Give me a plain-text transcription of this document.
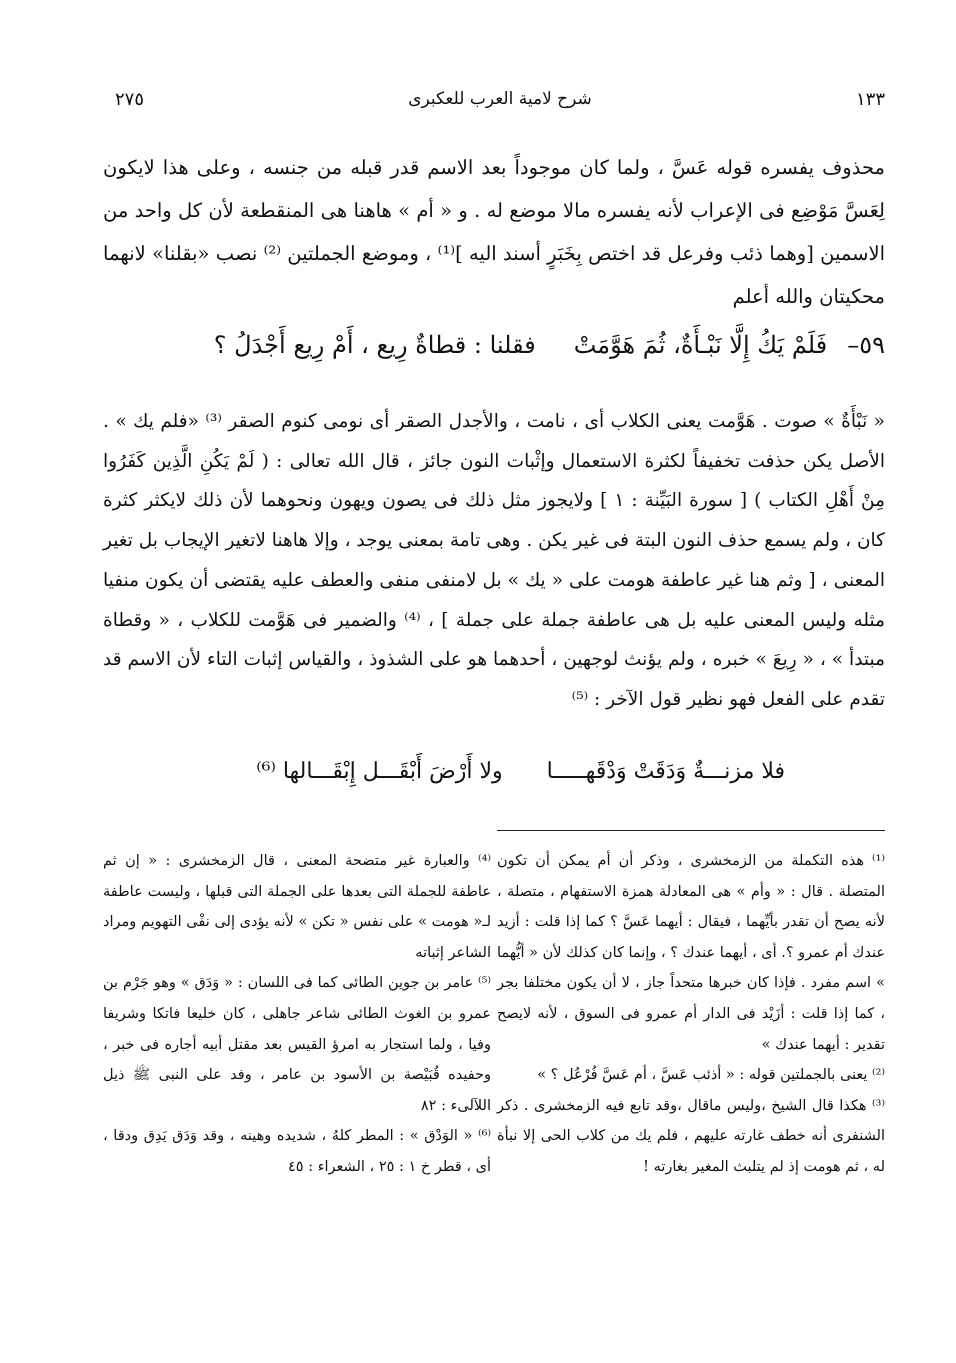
١٣٣
شرح لامية العرب للعكبرى
٢٧٥

محذوف يفسره قوله عَسَّ ، ولما كان موجوداً بعد الاسم قدر قبله من جنسه ، وعلى هذا لايكون لِعَسَّ مَوْضِع فى الإعراب لأنه يفسره مالا موضع له . و « أم » هاهنا هى المنقطعة لأن كل واحد من الاسمين [وهما ذئب وفرعل قد اختص بِخَبَرٍ أسند اليه ]⁽¹⁾ ، وموضع الجملتين ⁽²⁾ نصب «بقلنا» لانهما محكيتان والله أعلم

٥٩–
فَلَمْ يَكُ إِلَّا نَبْـأَةٌ، ثُمَ هَوَّمَتْ
فقلنا : قطاةٌ رِيع ، أَمْ رِيع أَجْدَلُ ؟

« نَبْأَةٌ » صوت . هَوَّمت يعنى الكلاب أى ، نامت ، والأجدل الصقر أى نومى كنوم الصقر ⁽³⁾ «فلم يك » . الأصل يكن حذفت تخفيفاً لكثرة الاستعمال وإثْبات النون جائز ، قال الله تعالى : ( لَمْ يَكُنِ الَّذِين كَفَرُوا مِنْ أَهْلِ الكتاب ) [ سورة البَيِّنة : ١ ] ولايجوز مثل ذلك فى يصون ويهون ونحوهما لأن ذلك لايكثر كثرة كان ، ولم يسمع حذف النون البتة فى غير يكن . وهى تامة بمعنى يوجد ، وإلا هاهنا لاتغير الإيجاب بل تغير المعنى ، [ وثم هنا غير عاطفة هومت على « يك » بل لامنفى منفى والعطف عليه يقتضى أن يكون منفيا مثله وليس المعنى عليه بل هى عاطفة جملة على جملة ] ، ⁽⁴⁾ والضمير فى هَوَّمت للكلاب ، « وقطاة مبتدأ » ، « رِيعَ » خبره ، ولم يؤنث لوجهين ، أحدهما هو على الشذوذ ، والقياس إثبات التاء لأن الاسم قد تقدم على الفعل فهو نظير قول الآخر : ⁽⁵⁾

فلا مزنـــةٌ وَدَقَتْ وَدْقَهـــــا
ولا أَرْضَ أَبْقَـــل إِبْقَـــالها ⁽⁶⁾

⁽¹⁾ هذه التكملة من الزمخشرى ، وذكر أن أم يمكن أن تكون المتصلة . قال : « وأم » هى المعادلة همزة الاستفهام ، متصلة ، لأنه يصح أن تقدر بأيِّهما ، فيقال : أيهما عَسَّ ؟ كما إذا قلت : أزيد عندك أم عمرو ؟. أى ، أيهما عندك ؟ ، وإنما كان كذلك لأن « أيُّهما » اسم مفرد . فإذا كان خبرها متحداً جاز ، لا أن يكون مختلفا بجر ، كما إذا قلت : أزَيْد فى الدار أم عمرو فى السوق ، لأنه لايصح تقدير : أيهما عندك »

⁽²⁾ يعنى بالجملتين قوله : « أذئب عَسَّ ، أم عَسَّ فُرْعُل ؟ »

⁽³⁾ هكذا قال الشيخ ،وليس ماقال ،وقد تابع فيه الزمخشرى . ذكر الشنفرى أنه خطف غارته عليهم ، فلم يك من كلاب الحى إلا نبأة له ، ثم هومت إذ لم يتلبث المغير بغارته !

⁽⁴⁾ والعبارة غير متضحة المعنى ، قال الزمخشرى : « إن ثم عاطفة للجملة التى بعدها على الجملة التى قبلها ، وليست عاطفة لـ« هومت » على نفس « تكن » لأنه يؤدى إلى نفْى التهويم ومراد الشاعر إثباته

⁽⁵⁾ عامر بن جوين الطائى كما فى اللسان : « وَدَق » وهو جَرْم بن عمرو بن الغوث الطائى شاعر جاهلى ، كان خليعا فاتكا وشريفا وفيا ، ولما استجار به امرؤ القيس بعد مقتل أبيه أجاره فى خبر ، وحفيده قُبَيْصة بن الأسود بن عامر ، وفد على النبى ﷺ ذيل اللآلىء : ٨٢

⁽⁶⁾ « الوَدْق » : المطر كلهُ ، شديده وهينه ، وقد وَدَق يَدِق ودقا ، أى ، قطر خ ١ : ٢٥ ، الشعراء : ٤٥
